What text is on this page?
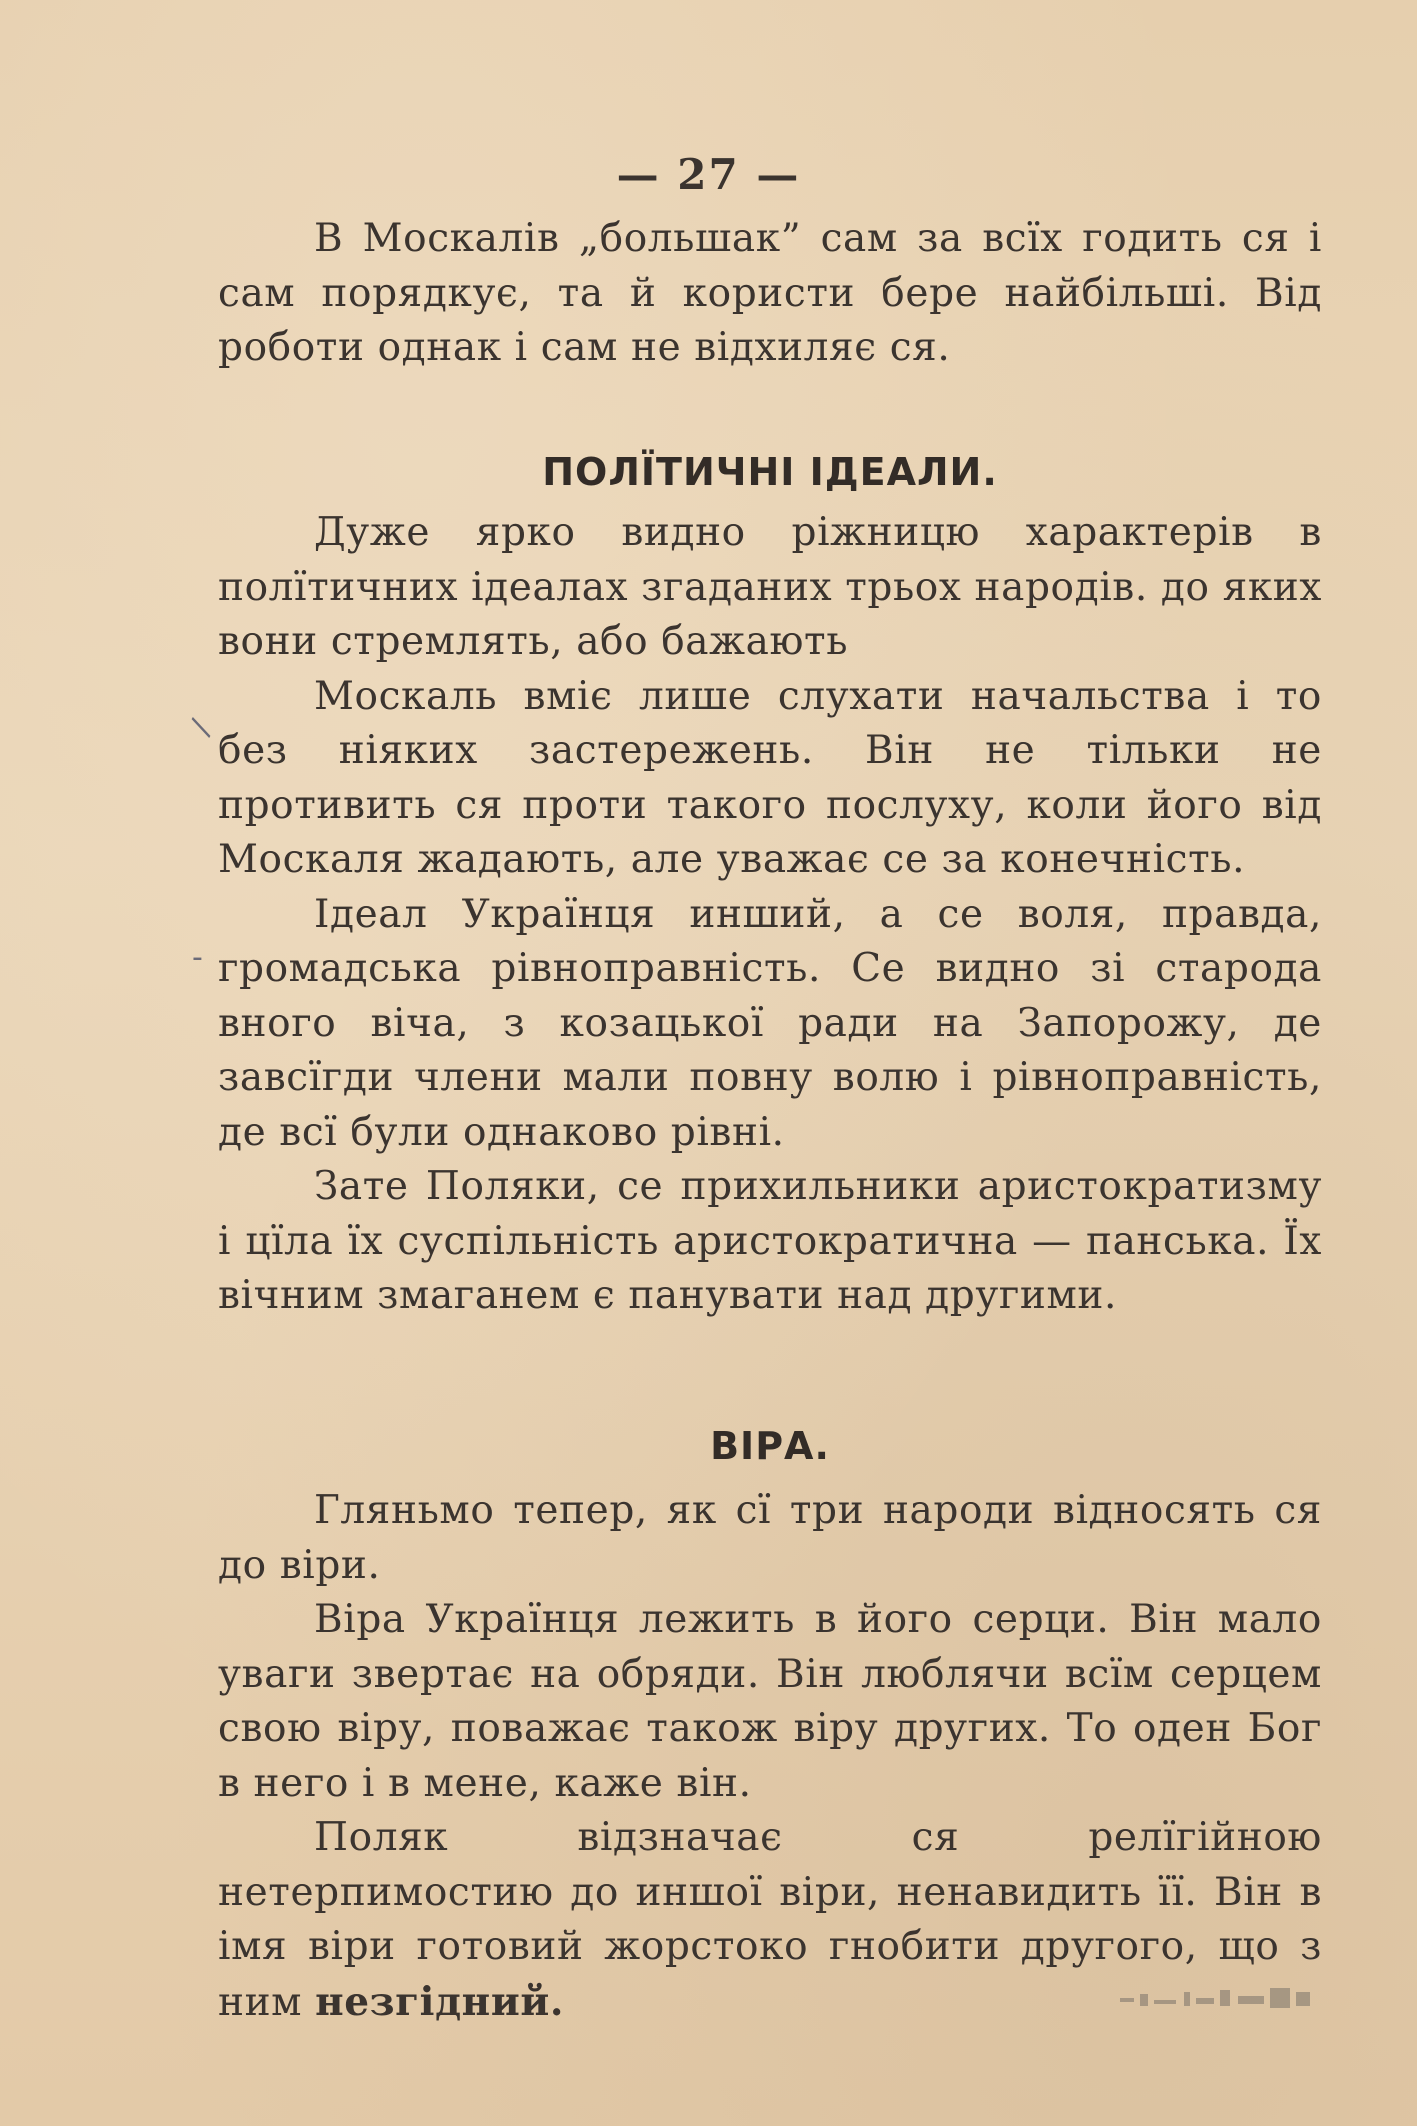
— 27 —

В Москалів „большак” сам за всїх годить ся і сам порядкує, та й користи бере найбільші. Від роботи однак і сам не відхиляє ся.

ПОЛЇТИЧНІ ІДЕАЛИ.

Дуже ярко видно ріжницю характерів в полїтичних ідеалах згаданих трьох народів. до яких вони стремлять, або бажають

Москаль вміє лише слухати начальства і то без ніяких застережень. Він не тільки не противить ся проти такого послуху, коли його від Москаля жадають, але уважає се за конечність.

Ідеал Українця инший, а се воля, правда, громадська рівноправність. Се видно зі старода вного віча, з козацької ради на Запорожу, де завсїгди члени мали повну волю і рівноправність, де всї були однаково рівні.

Зате Поляки, се прихильники аристократизму і цїла їх суспільність аристократична — панська. Їх вічним змаганем є панувати над другими.

ВІРА.

Гляньмо тепер, як сї три народи відносять ся до віри.

Віра Українця лежить в його серци. Він мало уваги звертає на обряди. Він люблячи всїм серцем свою віру, поважає також віру других. То оден Бог в него і в мене, каже він.

Поляк відзначає ся релїгійною нетерпимостию до иншої віри, ненавидить її. Він в імя віри готовий жорстоко гнобити другого, що з ним незгідний.

/
-
